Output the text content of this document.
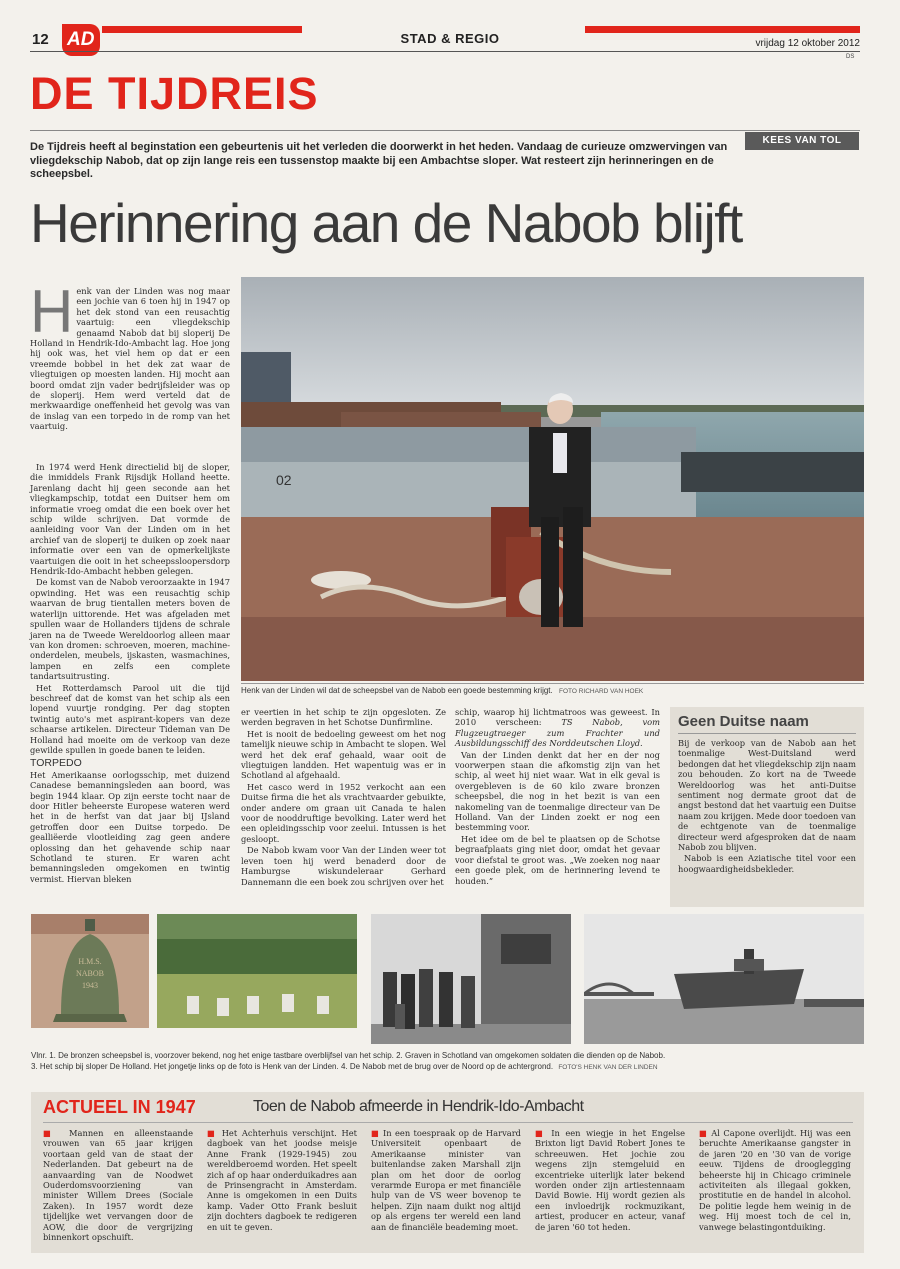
12 AD	STAD & REGIO	vrijdag 12 oktober 2012
DS
DE TIJDREIS
De Tijdreis heeft al beginstation een gebeurtenis uit het verleden die doorwerkt in het heden. Vandaag de curieuze omzwervingen van vliegdekschip Nabob, dat op zijn lange reis een tussenstop maakte bij een Ambachtse sloper. Wat resteert zijn herinneringen en de scheepsbel.
KEES VAN TOL
Herinnering aan de Nabob blijft
H enk van der Linden was nog maar een jochie van 6 toen hij in 1947 op het dek stond van een reusachtig vaartuig: een vliegdekschip genaamd Nabob dat bij sloperij De Holland in Hendrik-Ido-Ambacht lag. Hoe jong hij ook was, het viel hem op dat er een vreemde bobbel in het dek zat waar de vliegtuigen op moesten landen. Hij mocht aan boord omdat zijn vader bedrijfsleider was op de sloperij. Hem werd verteld dat de merkwaardige oneffenheid het gevolg was van de inslag van een torpedo in de romp van het vaartuig.

In 1974 werd Henk directielid bij de sloper, die inmiddels Frank Rijsdijk Holland heette. Jarenlang dacht hij geen seconde aan het vliegkampschip, totdat een Duitser hem om informatie vroeg omdat die een boek over het schip wilde schrijven. Dat vormde de aanleiding voor Van der Linden om in het archief van de sloperij te duiken op zoek naar informatie over een van de opmerkelijkste vaartuigen die ooit in het scheepssloopersdorp Hendrik-Ido-Ambacht hebben gelegen.

De komst van de Nabob veroorzaakte in 1947 opwinding. Het was een reusachtig schip waarvan de brug tientallen meters boven de waterlijn uittorende. Het was afgeladen met spullen waar de Hollanders tijdens de schrale jaren na de Tweede Wereldoorlog alleen maar van kon dromen: schroeven, moeren, machine-onderdelen, meubels, ijskasten, wasmachines, lampen en zelfs een complete tandartsuitrusting.

Het Rotterdamsch Parool uit die tijd beschreef dat de komst van het schip als een lopend vuurtje rondging. Per dag stopten twintig auto's met aspirant-kopers van deze schaarse artikelen. Directeur Tideman van De Holland had moeite om de verkoop van deze gewilde spullen in goede banen te leiden.

TORPEDO

Het Amerikaanse oorlogsschip, met duizend Canadese bemanningsleden aan boord, was begin 1944 klaar. Op zijn eerste tocht naar de door Hitler beheerste Europese wateren werd het in de herfst van dat jaar bij IJsland getroffen door een Duitse torpedo. De gealliëerde vlootleiding zag geen andere oplossing dan het gehavende schip naar Schotland te sturen. Er waren acht bemanningsleden omgekomen en twintig vermist. Hiervan bleken

02
Henk van der Linden wil dat de scheepsbel van de Nabob een goede bestemming krijgt. FOTO RICHARD VAN HOEK

er veertien in het schip te zijn opgesloten. Ze werden begraven in het Schotse Dunfirmline.

Het is nooit de bedoeling geweest om het nog tamelijk nieuwe schip in Ambacht te slopen. Wel werd het dek eraf gehaald, waar ooit de vliegtuigen landden. Het wapentuig was er in Schotland al afgehaald.

Het casco werd in 1952 verkocht aan een Duitse firma die het als vrachtvaarder gebuikte, onder andere om graan uit Canada te halen voor de nooddruftige bevolking. Later werd het een opleidingsschip voor zeelui. Intussen is het gesloopt.

De Nabob kwam voor Van der Linden weer tot leven toen hij werd benaderd door de Hamburgse wiskundeleraar Gerhard Dannemann die een boek zou schrijven over het

schip, waarop hij lichtmatroos was geweest. In 2010 verscheen: TS Nabob, vom Flugzeugtraeger zum Frachter und Ausbildungsschiff des Norddeutschen Lloyd.

Van der Linden denkt dat her en der nog voorwerpen staan die afkomstig zijn van het schip, al weet hij niet waar. Wat in elk geval is overgebleven is de 60 kilo zware bronzen scheepsbel, die nog in het bezit is van een nakomeling van de toenmalige directeur van De Holland. Van der Linden zoekt er nog een bestemming voor.

Het idee om de bel te plaatsen op de Schotse begraafplaats ging niet door, omdat het gevaar voor diefstal te groot was. „We zoeken nog naar een goede plek, om de herinnering levend te houden.”

Geen Duitse naam

Bij de verkoop van de Nabob aan het toenmalige West-Duitsland werd bedongen dat het vliegdekschip zijn naam zou behouden. Zo kort na de Tweede Wereldoorlog was het anti-Duitse sentiment nog dermate groot dat de angst bestond dat het vaartuig een Duitse naam zou krijgen. Mede door toedoen van de echtgenote van de toenmalige directeur werd afgesproken dat de naam Nabob zou blijven.

Nabob is een Aziatische titel voor een hoogwaardigheidsbekleder.

H.M.S.
NABOB
1943
Vlnr. 1. De bronzen scheepsbel is, voorzover bekend, nog het enige tastbare overblijfsel van het schip. 2. Graven in Schotland van omgekomen soldaten die dienden op de Nabob.
3. Het schip bij sloper De Holland. Het jongetje links op de foto is Henk van der Linden. 4. De Nabob met de brug over de Noord op de achtergrond. FOTO'S HENK VAN DER LINDEN
ACTUEEL IN 1947	Toen de Nabob afmeerde in Hendrik-Ido-Ambacht
■ Mannen en alleenstaande vrouwen van 65 jaar krijgen voortaan geld van de staat der Nederlanden. Dat gebeurt na de aanvaarding van de Noodwet Ouderdomsvoorziening van minister Willem Drees (Sociale Zaken). In 1957 wordt deze tijdelijke wet vervangen door de AOW, die door de vergrijzing binnenkort opschuift.
■ Het Achterhuis verschijnt. Het dagboek van het joodse meisje Anne Frank (1929-1945) zou wereldberoemd worden. Het speelt zich af op haar onderduikadres aan de Prinsengracht in Amsterdam. Anne is omgekomen in een Duits kamp. Vader Otto Frank besluit zijn dochters dagboek te redigeren en uit te geven.
■ In een toespraak op de Harvard Universiteit openbaart de Amerikaanse minister van buitenlandse zaken Marshall zijn plan om het door de oorlog verarmde Europa er met financiële hulp van de VS weer bovenop te helpen. Zijn naam duikt nog altijd op als ergens ter wereld een land aan de financiële beademing moet.
■ In een wiegje in het Engelse Brixton ligt David Robert Jones te schreeuwen. Het jochie zou wegens zijn stemgeluid en excentrieke uiterlijk later bekend worden onder zijn artiestennaam David Bowie. Hij wordt gezien als een invloedrijk rockmuzikant, artiest, producer en acteur, vanaf de jaren '60 tot heden.
■ Al Capone overlijdt. Hij was een beruchte Amerikaanse gangster in de jaren '20 en '30 van de vorige eeuw. Tijdens de drooglegging beheerste hij in Chicago criminele activiteiten als illegaal gokken, prostitutie en de handel in alcohol. De politie legde hem weinig in de weg. Hij moest toch de cel in, vanwege belastingontduiking.
